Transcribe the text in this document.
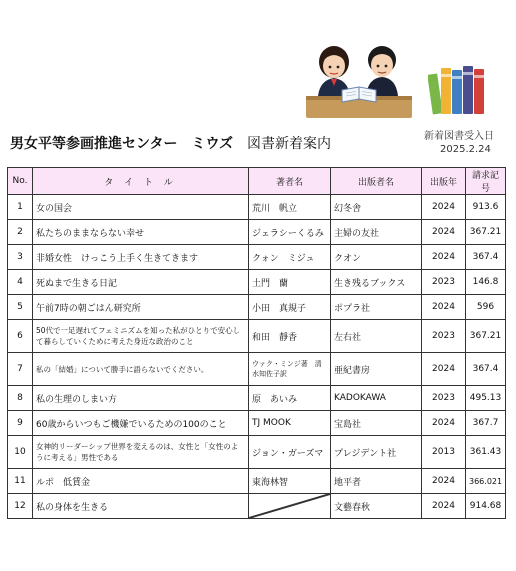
男女平等参画推進センター　ミウズ 図書新着案内	新着図書受入日
2025.2.24
No.	タ イ ト ル	著者名	出版者名	出版年	請求記号
1	女の国会	荒川　帆立	幻冬舎	2024	913.6
2	私たちのままならない幸せ	ジェラシーくるみ	主婦の友社	2024	367.21
3	非婚女性　けっこう上手く生きてきます	クォン　ミジュ	クオン	2024	367.4
4	死ぬまで生きる日記	土門　蘭	生き残るブックス	2023	146.8
5	午前7時の朝ごはん研究所	小田　真規子	ポプラ社	2024	596
6	50代で一足遅れてフェミニズムを知った私がひとりで安心して暮らしていくために考えた身近な政治のこと	和田　靜香	左右社	2023	367.21
7	私の「結婚」について勝手に語らないでください。	ウァク・ミンジ著　清水知佐子訳	亜紀書房	2024	367.4
8	私の生理のしまい方	原　あいみ	KADOKAWA	2023	495.13
9	60歳からいつもご機嫌でいるための100のこと	TJ MOOK	宝島社	2024	367.7
10	女神的リーダーシップ世界を変えるのは、女性と「女性のように考える」男性である	ジョン・ガーズマ	プレジデント社	2013	361.43
11	ルポ　低賃金	東海林智	地平者	2024	366.021
12	私の身体を生きる		文藝春秋	2024	914.68
